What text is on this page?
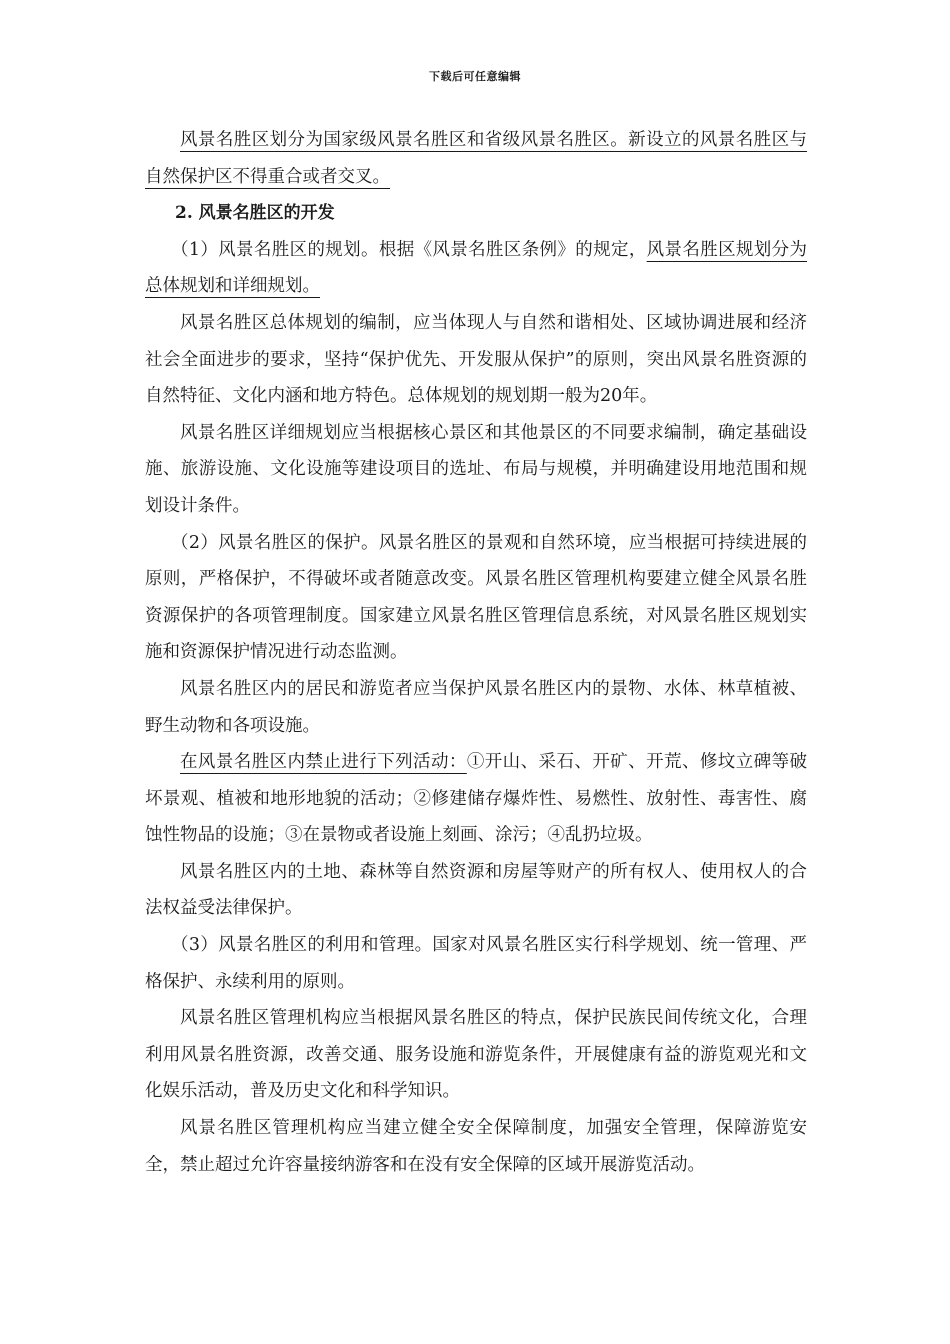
下载后可任意编辑

风景名胜区划分为国家级风景名胜区和省级风景名胜区。新设立的风景名胜区与自然保护区不得重合或者交叉。

2. 风景名胜区的开发

（1）风景名胜区的规划。根据《风景名胜区条例》的规定，风景名胜区规划分为总体规划和详细规划。

风景名胜区总体规划的编制，应当体现人与自然和谐相处、区域协调进展和经济社会全面进步的要求，坚持“保护优先、开发服从保护”的原则，突出风景名胜资源的自然特征、文化内涵和地方特色。总体规划的规划期一般为20年。

风景名胜区详细规划应当根据核心景区和其他景区的不同要求编制，确定基础设施、旅游设施、文化设施等建设项目的选址、布局与规模，并明确建设用地范围和规划设计条件。

（2）风景名胜区的保护。风景名胜区的景观和自然环境，应当根据可持续进展的原则，严格保护，不得破坏或者随意改变。风景名胜区管理机构要建立健全风景名胜资源保护的各项管理制度。国家建立风景名胜区管理信息系统，对风景名胜区规划实施和资源保护情况进行动态监测。

风景名胜区内的居民和游览者应当保护风景名胜区内的景物、水体、林草植被、野生动物和各项设施。

在风景名胜区内禁止进行下列活动：①开山、采石、开矿、开荒、修坟立碑等破坏景观、植被和地形地貌的活动；②修建储存爆炸性、易燃性、放射性、毒害性、腐蚀性物品的设施；③在景物或者设施上刻画、涂污；④乱扔垃圾。

风景名胜区内的土地、森林等自然资源和房屋等财产的所有权人、使用权人的合法权益受法律保护。

（3）风景名胜区的利用和管理。国家对风景名胜区实行科学规划、统一管理、严格保护、永续利用的原则。

风景名胜区管理机构应当根据风景名胜区的特点，保护民族民间传统文化，合理利用风景名胜资源，改善交通、服务设施和游览条件，开展健康有益的游览观光和文化娱乐活动，普及历史文化和科学知识。

风景名胜区管理机构应当建立健全安全保障制度，加强安全管理，保障游览安全，禁止超过允许容量接纳游客和在没有安全保障的区域开展游览活动。
